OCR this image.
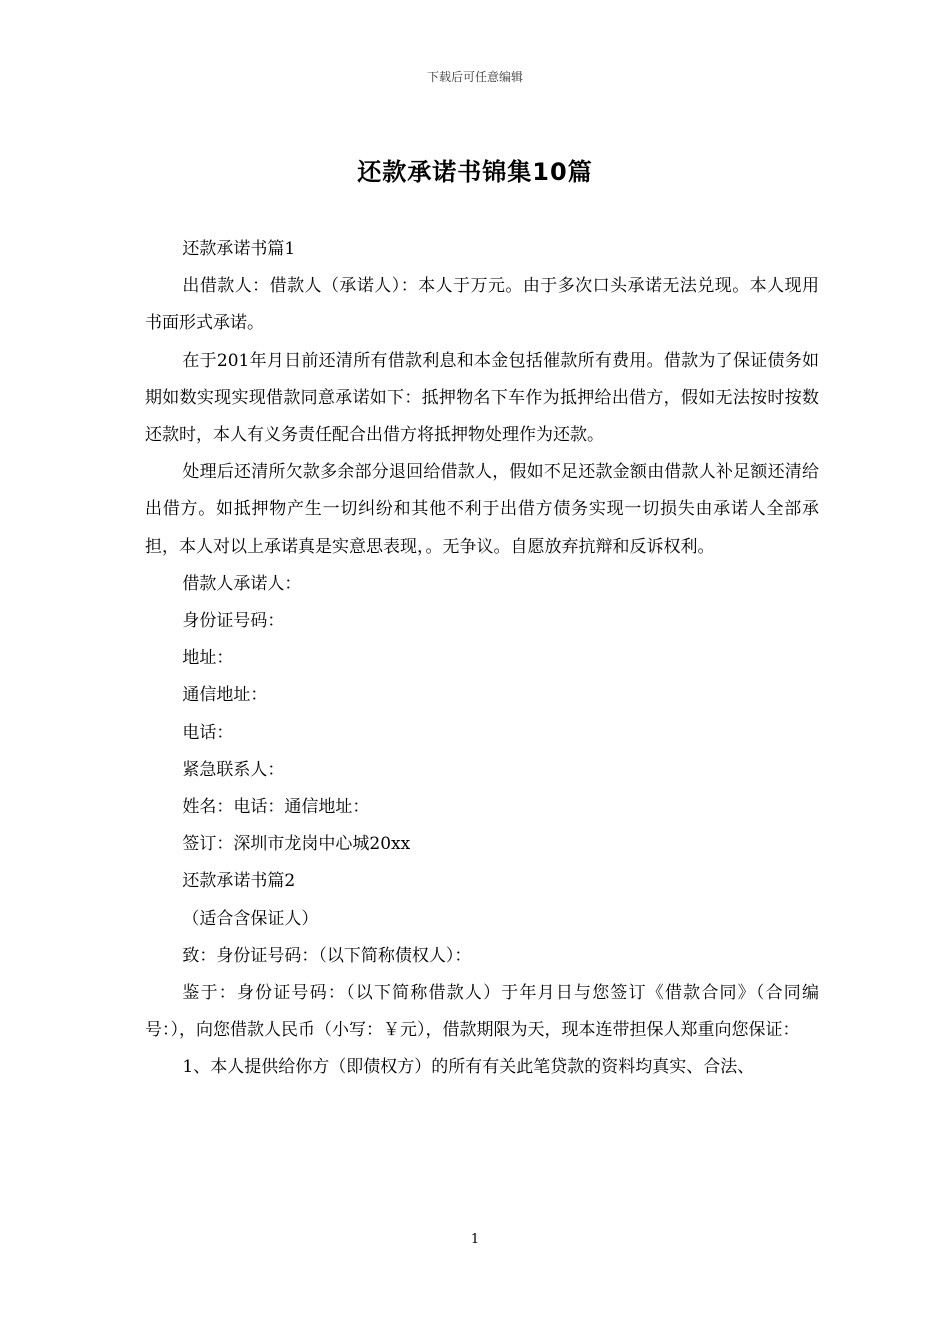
下载后可任意编辑
还款承诺书锦集10篇

还款承诺书篇1

出借款人：借款人（承诺人）：本人于万元。由于多次口头承诺无法兑现。本人现用书面形式承诺。

在于201年月日前还清所有借款利息和本金包括催款所有费用。借款为了保证债务如期如数实现实现借款同意承诺如下：抵押物名下车作为抵押给出借方，假如无法按时按数还款时，本人有义务责任配合出借方将抵押物处理作为还款。

处理后还清所欠款多余部分退回给借款人，假如不足还款金额由借款人补足额还清给出借方。如抵押物产生一切纠纷和其他不利于出借方债务实现一切损失由承诺人全部承担，本人对以上承诺真是实意思表现，。无争议。自愿放弃抗辩和反诉权利。

借款人承诺人：

身份证号码：

地址：

通信地址：

电话：

紧急联系人：

姓名：电话：通信地址：

签订：深圳市龙岗中心城20xx

还款承诺书篇2

（适合含保证人）

致：身份证号码：（以下简称债权人）：

鉴于：身份证号码：（以下简称借款人）于年月日与您签订《借款合同》（合同编号：），向您借款人民币（小写：￥元），借款期限为天，现本连带担保人郑重向您保证：

1、本人提供给你方（即债权方）的所有有关此笔贷款的资料均真实、合法、

1
